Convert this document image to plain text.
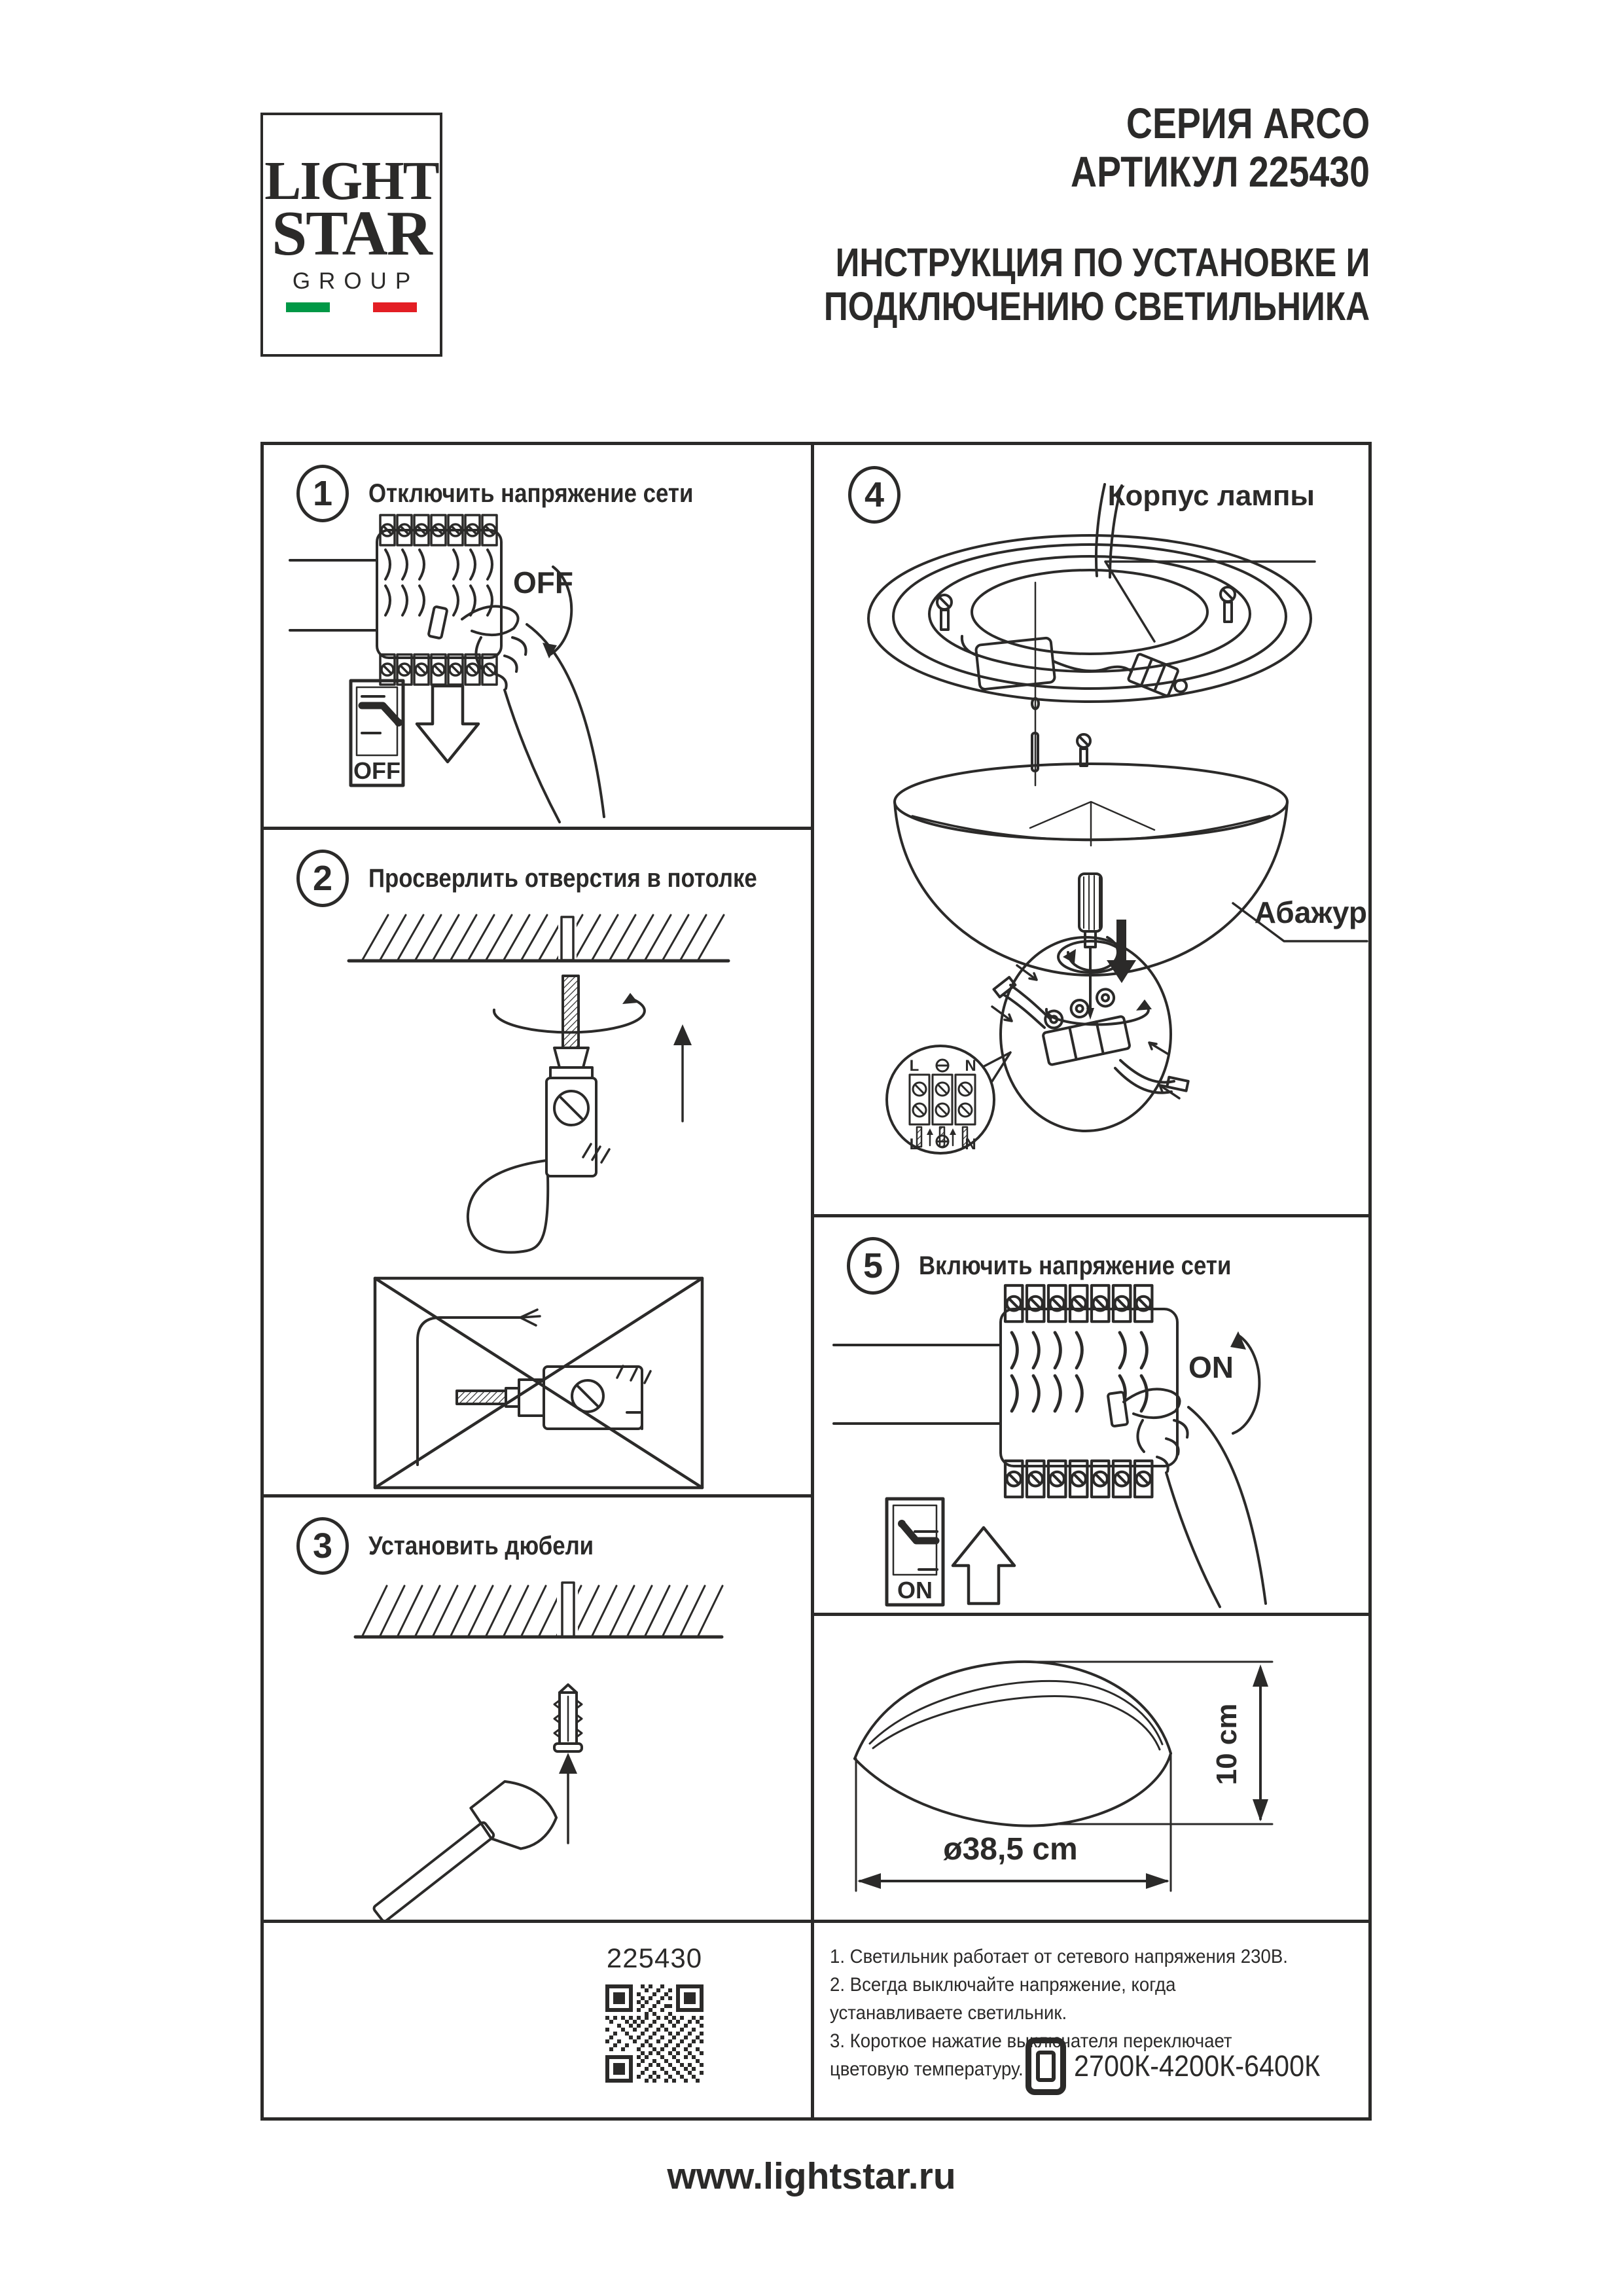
LIGHT
STAR
GROUP
СЕРИЯ ARCO
АРТИКУЛ 225430
ИНСТРУКЦИЯ ПО УСТАНОВКЕ И
ПОДКЛЮЧЕНИЮ СВЕТИЛЬНИКА
1	Отключить напряжение сети
OFF
OFF
2	Просверлить отверстия в потолке
3	Установить дюбели
225430
4	Корпус лампы
Абажур
L	N
L	N
5	Включить напряжение сети
ON
ON
ø38,5 cm
10 cm
1. Светильник работает от сетевого напряжения 230В.
2. Всегда выключайте напряжение, когда
устанавливаете светильник.
3. Короткое нажатие выключателя переключает
цветовую температуру.	2700К-4200К-6400К
www.lightstar.ru
